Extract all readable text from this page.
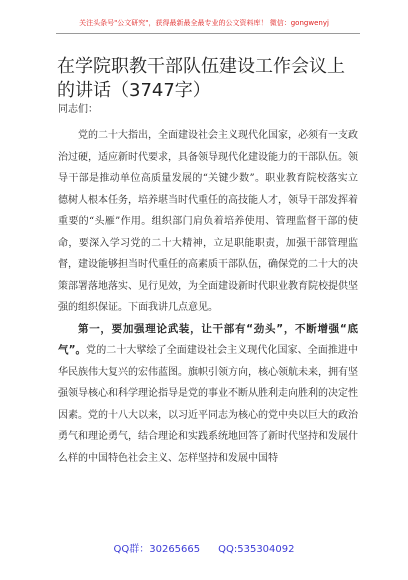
关注头条号"公文研究"，获得最新最全最专业的公文资料库！ 微信：gongwenyj
在学院职教干部队伍建设工作会议上的讲话（3747字）
同志们：

党的二十大指出，全面建设社会主义现代化国家，必须有一支政治过硬，适应新时代要求，具备领导现代化建设能力的干部队伍。领导干部是推动单位高质量发展的“关键少数”。职业教育院校落实立德树人根本任务，培养堪当时代重任的高技能人才，领导干部发挥着重要的“头雁”作用。组织部门肩负着培养使用、管理监督干部的使命，要深入学习党的二十大精神，立足职能职责，加强干部管理监督，建设能够担当时代重任的高素质干部队伍，确保党的二十大的决策部署落地落实、见行见效，为全面建设新时代职业教育院校提供坚强的组织保证。下面我讲几点意见。

第一，要加强理论武装，让干部有“劲头”，不断增强“底气”。党的二十大擘绘了全面建设社会主义现代化国家、全面推进中华民族伟大复兴的宏伟蓝图。旗帜引领方向，核心领航未来，拥有坚强领导核心和科学理论指导是党的事业不断从胜利走向胜利的决定性因素。党的十八大以来，以习近平同志为核心的党中央以巨大的政治勇气和理论勇气，结合理论和实践系统地回答了新时代坚持和发展什么样的中国特色社会主义、怎样坚持和发展中国特

QQ群：30265665 QQ:535304092
